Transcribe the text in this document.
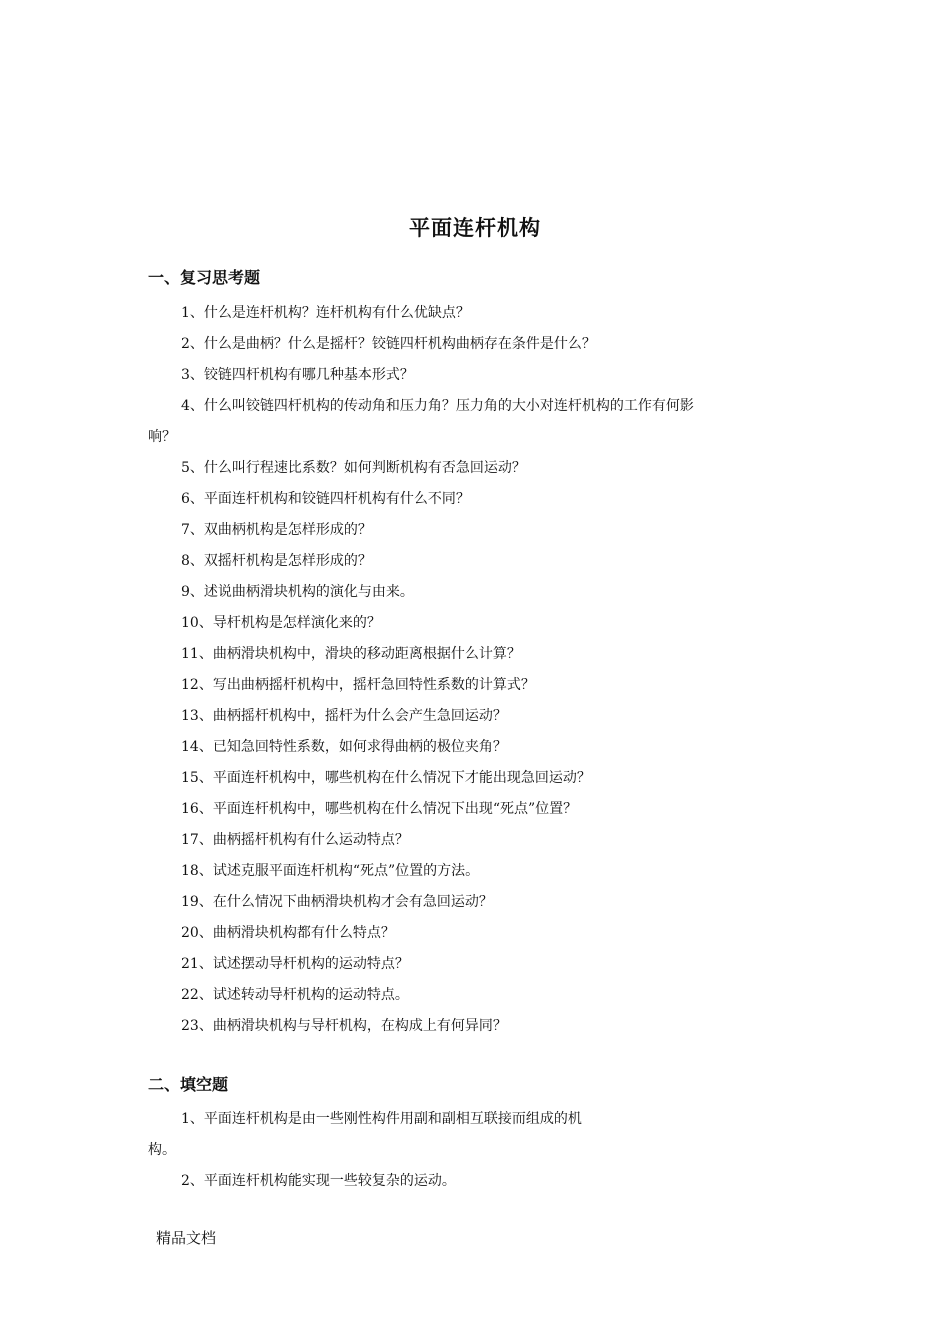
平面连杆机构
一、复习思考题
1、什么是连杆机构？连杆机构有什么优缺点？
2、什么是曲柄？什么是摇杆？铰链四杆机构曲柄存在条件是什么？
3、铰链四杆机构有哪几种基本形式？
4、什么叫铰链四杆机构的传动角和压力角？压力角的大小对连杆机构的工作有何影
响？
5、什么叫行程速比系数？如何判断机构有否急回运动？
6、平面连杆机构和铰链四杆机构有什么不同？
7、双曲柄机构是怎样形成的？
8、双摇杆机构是怎样形成的？
9、述说曲柄滑块机构的演化与由来。
10、导杆机构是怎样演化来的？
11、曲柄滑块机构中，滑块的移动距离根据什么计算？
12、写出曲柄摇杆机构中，摇杆急回特性系数的计算式？
13、曲柄摇杆机构中，摇杆为什么会产生急回运动？
14、已知急回特性系数，如何求得曲柄的极位夹角？
15、平面连杆机构中，哪些机构在什么情况下才能出现急回运动？
16、平面连杆机构中，哪些机构在什么情况下出现“死点”位置？
17、曲柄摇杆机构有什么运动特点？
18、试述克服平面连杆机构“死点”位置的方法。
19、在什么情况下曲柄滑块机构才会有急回运动？
20、曲柄滑块机构都有什么特点？
21、试述摆动导杆机构的运动特点？
22、试述转动导杆机构的运动特点。
23、曲柄滑块机构与导杆机构，在构成上有何异同？
二、填空题
1、平面连杆机构是由一些刚性构件用副和副相互联接而组成的机
构。
2、平面连杆机构能实现一些较复杂的运动。
精品文档
